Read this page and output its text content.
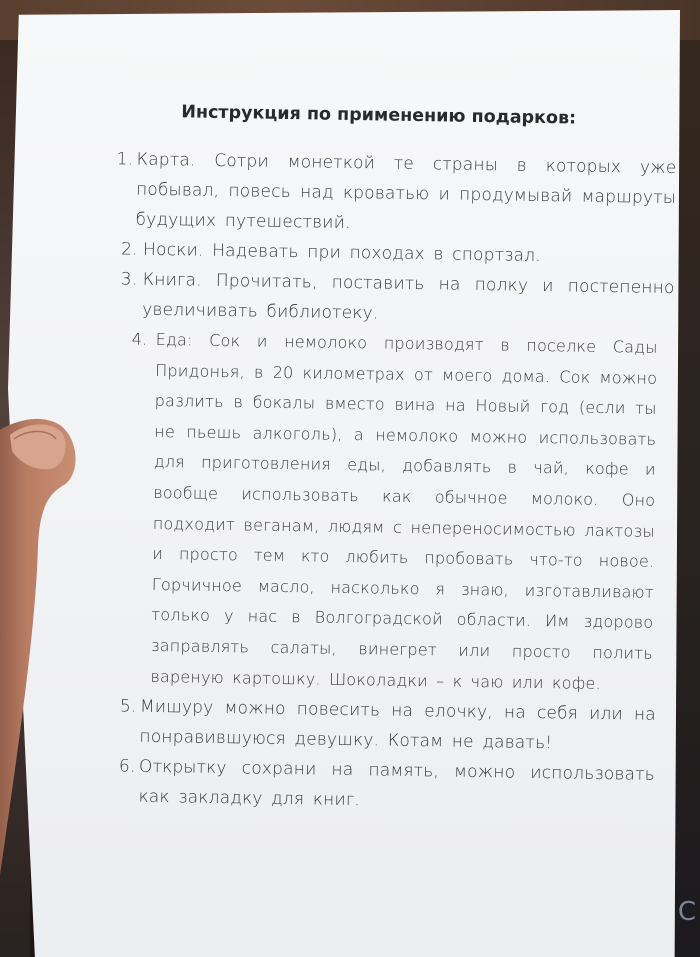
С
Инструкция по применению подарков:
1. Карта. Сотри монеткой те страны в которых уже побывал, повесь над кроватью и продумывай маршруты будущих путешествий.
2. Носки. Надевать при походах в спортзал.
3. Книга. Прочитать, поставить на полку и постепенно увеличивать библиотеку.
4. Еда: Сок и немолоко производят в поселке Сады Придонья, в 20 километрах от моего дома. Сок можно разлить в бокалы вместо вина на Новый год (если ты не пьешь алкоголь), а немолоко можно использовать для приготовления еды, добавлять в чай, кофе и вообще использовать как обычное молоко. Оно подходит веганам, людям с непереносимостью лактозы и просто тем кто любить пробовать что-то новое. Горчичное масло, насколько я знаю, изготавливают только у нас в Волгоградской области. Им здорово заправлять салаты, винегрет или просто полить вареную картошку. Шоколадки – к чаю или кофе.
5. Мишуру можно повесить на елочку, на себя или на понравившуюся девушку. Котам не давать!
6. Открытку сохрани на память, можно использовать как закладку для книг.
